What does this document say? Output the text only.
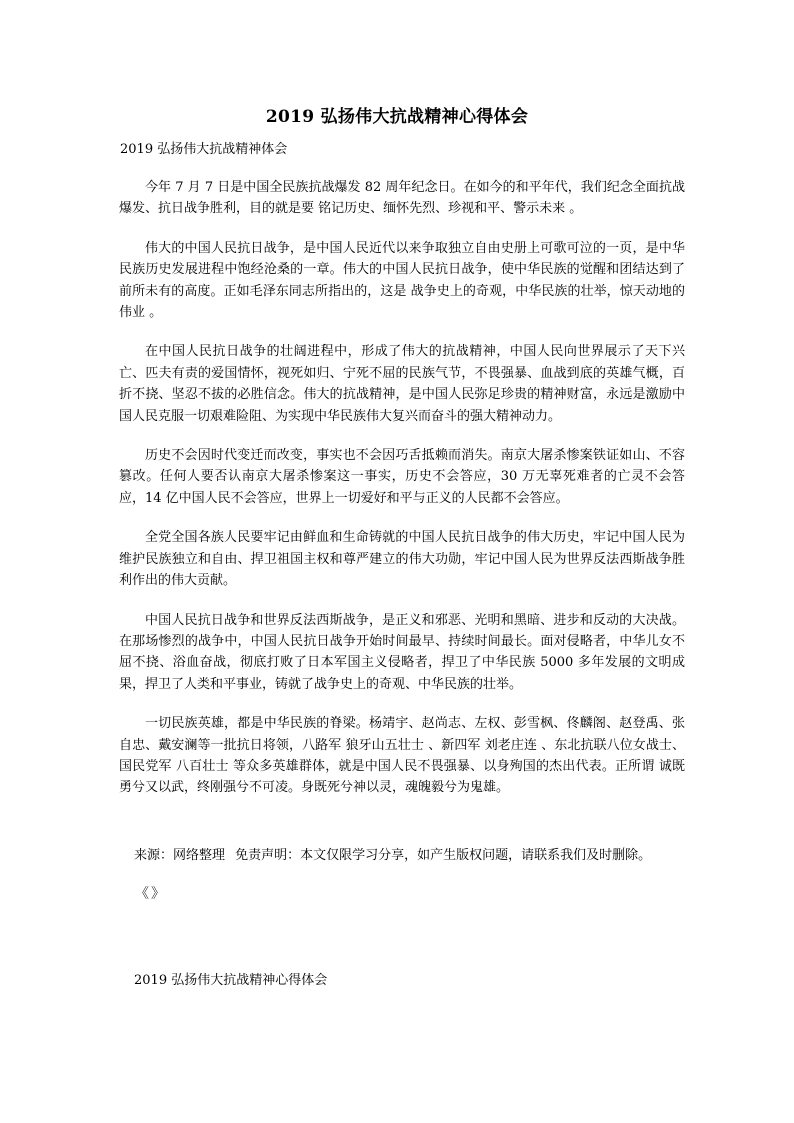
2019 弘扬伟大抗战精神心得体会
2019 弘扬伟大抗战精神体会

今年 7 月 7 日是中国全民族抗战爆发 82 周年纪念日。在如今的和平年代，我们纪念全面抗战爆发、抗日战争胜利，目的就是要 铭记历史、缅怀先烈、珍视和平、警示未来 。

伟大的中国人民抗日战争，是中国人民近代以来争取独立自由史册上可歌可泣的一页，是中华民族历史发展进程中饱经沧桑的一章。伟大的中国人民抗日战争，使中华民族的觉醒和团结达到了前所未有的高度。正如毛泽东同志所指出的，这是 战争史上的奇观，中华民族的壮举，惊天动地的伟业 。

在中国人民抗日战争的壮阔进程中，形成了伟大的抗战精神，中国人民向世界展示了天下兴亡、匹夫有责的爱国情怀，视死如归、宁死不屈的民族气节，不畏强暴、血战到底的英雄气概，百折不挠、坚忍不拔的必胜信念。伟大的抗战精神，是中国人民弥足珍贵的精神财富，永远是激励中国人民克服一切艰难险阻、为实现中华民族伟大复兴而奋斗的强大精神动力。

历史不会因时代变迁而改变，事实也不会因巧舌抵赖而消失。南京大屠杀惨案铁证如山、不容篡改。任何人要否认南京大屠杀惨案这一事实，历史不会答应，30 万无辜死难者的亡灵不会答应，14 亿中国人民不会答应，世界上一切爱好和平与正义的人民都不会答应。

全党全国各族人民要牢记由鲜血和生命铸就的中国人民抗日战争的伟大历史，牢记中国人民为维护民族独立和自由、捍卫祖国主权和尊严建立的伟大功勋，牢记中国人民为世界反法西斯战争胜利作出的伟大贡献。

中国人民抗日战争和世界反法西斯战争，是正义和邪恶、光明和黑暗、进步和反动的大决战。在那场惨烈的战争中，中国人民抗日战争开始时间最早、持续时间最长。面对侵略者，中华儿女不屈不挠、浴血奋战，彻底打败了日本军国主义侵略者，捍卫了中华民族 5000 多年发展的文明成果，捍卫了人类和平事业，铸就了战争史上的奇观、中华民族的壮举。

一切民族英雄，都是中华民族的脊梁。杨靖宇、赵尚志、左权、彭雪枫、佟麟阁、赵登禹、张自忠、戴安澜等一批抗日将领，八路军 狼牙山五壮士 、新四军 刘老庄连 、东北抗联八位女战士、国民党军 八百壮士 等众多英雄群体，就是中国人民不畏强暴、以身殉国的杰出代表。正所谓 诚既勇兮又以武，终刚强兮不可凌。身既死兮神以灵，魂魄毅兮为鬼雄。

来源：网络整理 免责声明：本文仅限学习分享，如产生版权问题，请联系我们及时删除。
《》
2019 弘扬伟大抗战精神心得体会
